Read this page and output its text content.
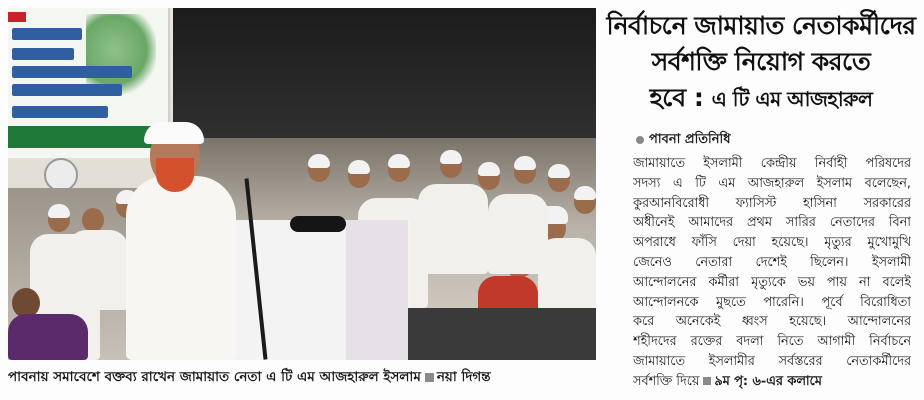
পাবনায় সমাবেশে বক্তব্য রাখেন জামায়াত নেতা এ টি এম আজহারুল ইসলাম নয়া দিগন্ত
নির্বাচনে জামায়াত নেতাকর্মীদের
সর্বশক্তি নিয়োগ করতে
হবে : এ টি এম আজহারুল
পাবনা প্রতিনিধি
জামায়াতে ইসলামী কেন্দ্রীয় নির্বাহী পরিষদের
সদস্য এ টি এম আজহারুল ইসলাম বলেছেন,
কুরআনবিরোধী ফ্যাসিস্ট হাসিনা সরকারের
অধীনেই আমাদের প্রথম সারির নেতাদের বিনা
অপরাধে ফাঁসি দেয়া হয়েছে। মৃত্যুর মুখোমুখি
জেনেও নেতারা দেশেই ছিলেন। ইসলামী
আন্দোলনের কর্মীরা মৃত্যুকে ভয় পায় না বলেই
আন্দোলনকে মুছতে পারেনি। পূর্বে বিরোধিতা
করে অনেকেই ধ্বংস হয়েছে। আন্দোলনের
শহীদদের রক্তের বদলা নিতে আগামী নির্বাচনে
জামায়াতে ইসলামীর সর্বস্তরের নেতাকর্মীদের
সর্বশক্তি দিয়ে ৯ম পৃ: ৬-এর কলামে
